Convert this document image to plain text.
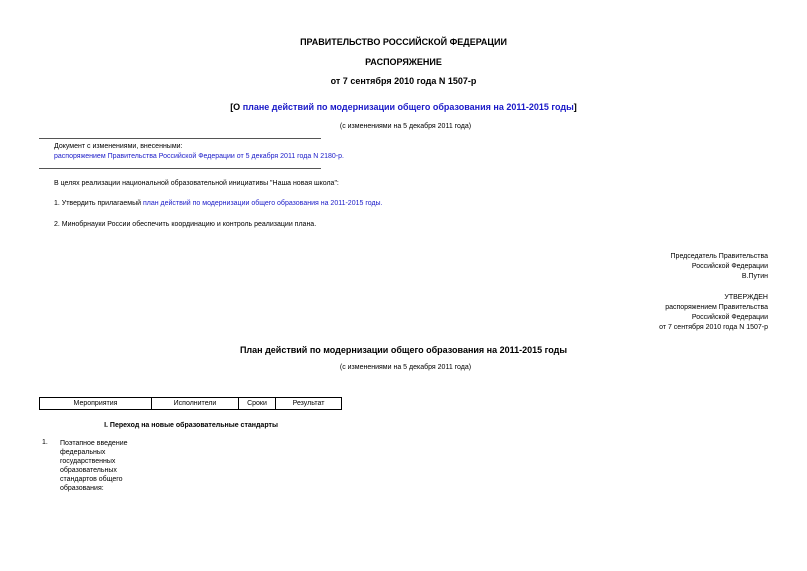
ПРАВИТЕЛЬСТВО РОССИЙСКОЙ ФЕДЕРАЦИИ
РАСПОРЯЖЕНИЕ
от 7 сентября 2010 года N 1507-р
[О плане действий по модернизации общего образования на 2011-2015 годы]
(с изменениями на 5 декабря 2011 года)
Документ с изменениями, внесенными:
распоряжением Правительства Российской Федерации от 5 декабря 2011 года N 2180-р.
В целях реализации национальной образовательной инициативы "Наша новая школа":
1. Утвердить прилагаемый план действий по модернизации общего образования на 2011-2015 годы.
2. Минобрнауки России обеспечить координацию и контроль реализации плана.
Председатель Правительства
Российской Федерации
В.Путин
УТВЕРЖДЕН
распоряжением Правительства
Российской Федерации
от 7 сентября 2010 года N 1507-р
План действий по модернизации общего образования на 2011-2015 годы
(с изменениями на 5 декабря 2011 года)
Мероприятия	Исполнители	Сроки	Результат
I. Переход на новые образовательные стандарты
1. Поэтапное введение
федеральных
государственных
образовательных
стандартов общего
образования:
